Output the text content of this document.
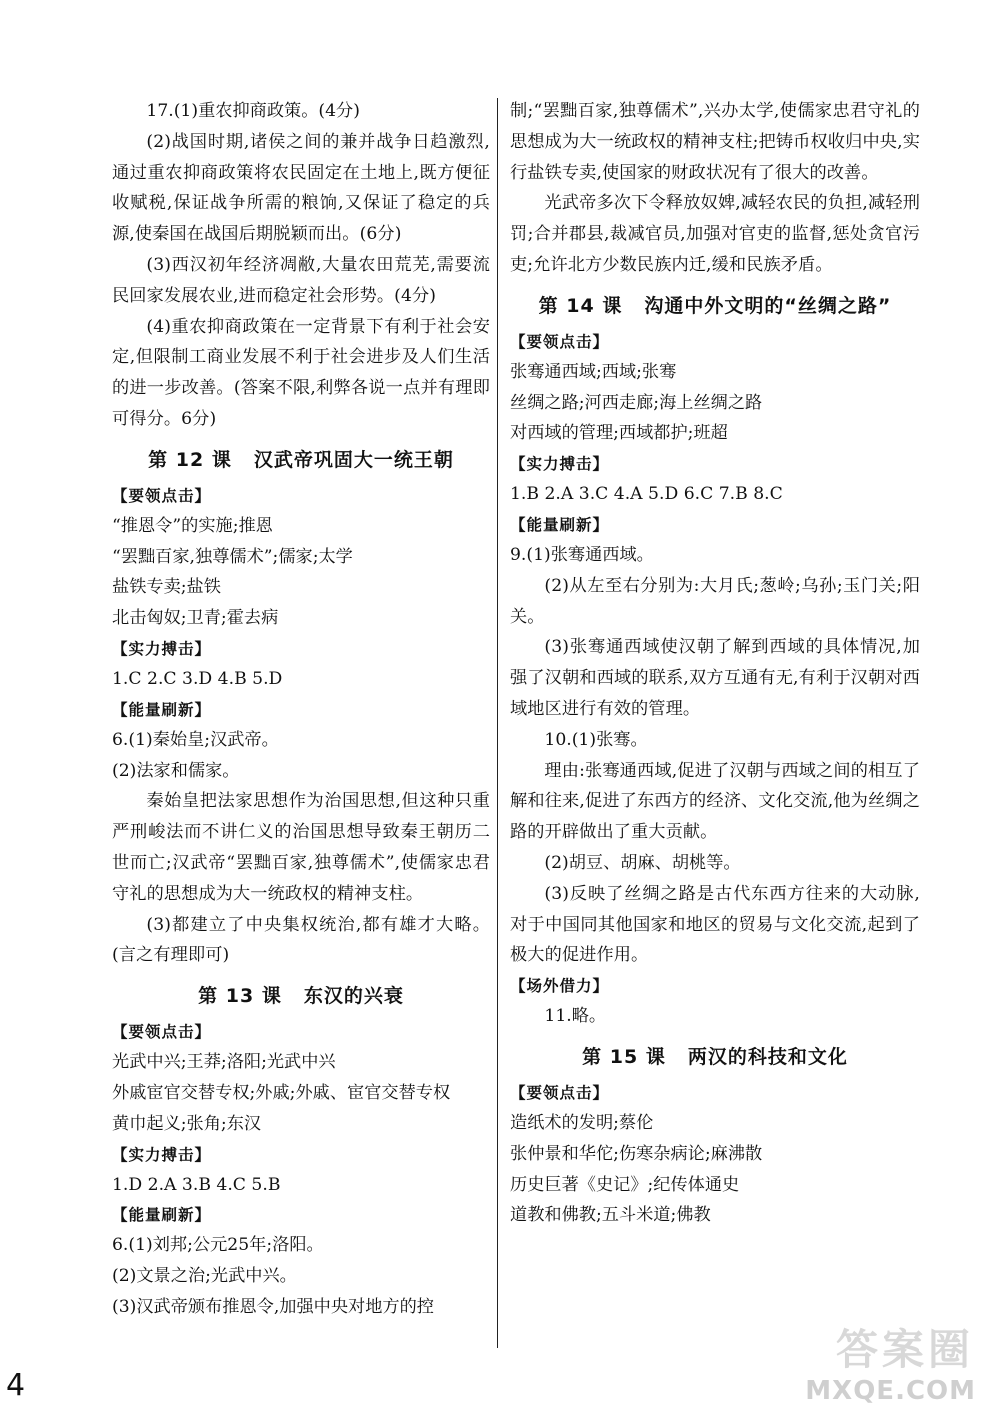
17.(1)重农抑商政策。(4分)

(2)战国时期,诸侯之间的兼并战争日趋激烈,通过重农抑商政策将农民固定在土地上,既方便征收赋税,保证战争所需的粮饷,又保证了稳定的兵源,使秦国在战国后期脱颖而出。(6分)

(3)西汉初年经济凋敝,大量农田荒芜,需要流民回家发展农业,进而稳定社会形势。(4分)

(4)重农抑商政策在一定背景下有利于社会安定,但限制工商业发展不利于社会进步及人们生活的进一步改善。(答案不限,利弊各说一点并有理即可得分。6分)

第 12 课 汉武帝巩固大一统王朝

【要领点击】

“推恩令”的实施;推恩

“罢黜百家,独尊儒术”;儒家;太学

盐铁专卖;盐铁

北击匈奴;卫青;霍去病

【实力搏击】

1.C 2.C 3.D 4.B 5.D

【能量刷新】

6.(1)秦始皇;汉武帝。

(2)法家和儒家。

秦始皇把法家思想作为治国思想,但这种只重严刑峻法而不讲仁义的治国思想导致秦王朝历二世而亡;汉武帝“罢黜百家,独尊儒术”,使儒家忠君守礼的思想成为大一统政权的精神支柱。

(3)都建立了中央集权统治,都有雄才大略。(言之有理即可)

第 13 课 东汉的兴衰

【要领点击】

光武中兴;王莽;洛阳;光武中兴

外戚宦官交替专权;外戚;外戚、宦官交替专权

黄巾起义;张角;东汉

【实力搏击】

1.D 2.A 3.B 4.C 5.B

【能量刷新】

6.(1)刘邦;公元25年;洛阳。

(2)文景之治;光武中兴。

(3)汉武帝颁布推恩令,加强中央对地方的控

制;“罢黜百家,独尊儒术”,兴办太学,使儒家忠君守礼的思想成为大一统政权的精神支柱;把铸币权收归中央,实行盐铁专卖,使国家的财政状况有了很大的改善。

光武帝多次下令释放奴婢,减轻农民的负担,减轻刑罚;合并郡县,裁减官员,加强对官吏的监督,惩处贪官污吏;允许北方少数民族内迁,缓和民族矛盾。

第 14 课 沟通中外文明的“丝绸之路”

【要领点击】

张骞通西域;西域;张骞

丝绸之路;河西走廊;海上丝绸之路

对西域的管理;西域都护;班超

【实力搏击】

1.B 2.A 3.C 4.A 5.D 6.C 7.B 8.C

【能量刷新】

9.(1)张骞通西域。

(2)从左至右分别为:大月氏;葱岭;乌孙;玉门关;阳关。

(3)张骞通西域使汉朝了解到西域的具体情况,加强了汉朝和西域的联系,双方互通有无,有利于汉朝对西域地区进行有效的管理。

10.(1)张骞。

理由:张骞通西域,促进了汉朝与西域之间的相互了解和往来,促进了东西方的经济、文化交流,他为丝绸之路的开辟做出了重大贡献。

(2)胡豆、胡麻、胡桃等。

(3)反映了丝绸之路是古代东西方往来的大动脉,对于中国同其他国家和地区的贸易与文化交流,起到了极大的促进作用。

【场外借力】

11.略。

第 15 课 两汉的科技和文化

【要领点击】

造纸术的发明;蔡伦

张仲景和华佗;伤寒杂病论;麻沸散

历史巨著《史记》;纪传体通史

道教和佛教;五斗米道;佛教

4
答案圈
MXQE.COM
